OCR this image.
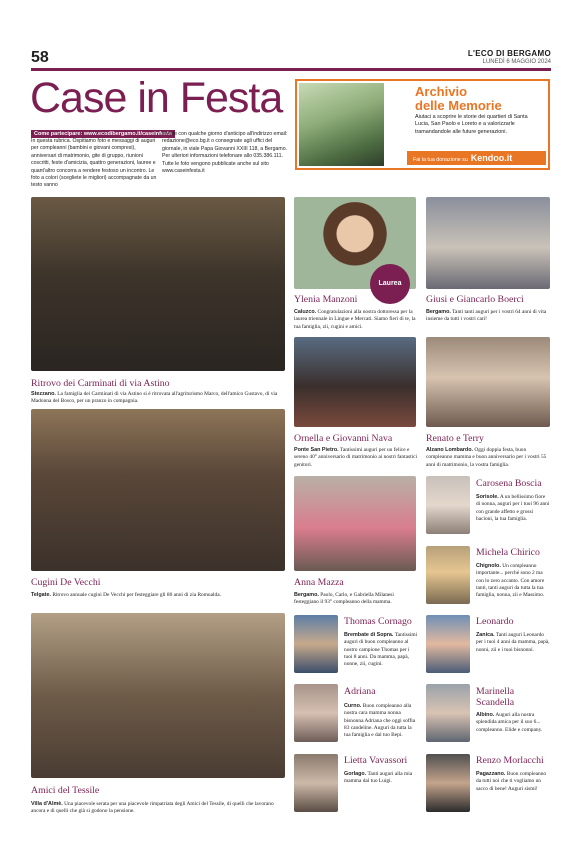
58	L'ECO DI BERGAMO
LUNEDÌ 6 MAGGIO 2024
Case in Festa
Come partecipare: www.ecodibergamo.it/caseinfesta
In questa rubrica. Ospitiamo foto e messaggi di auguri per compleanni (bambini e giovani compresi), anniversari di matrimonio, gite di gruppo, riunioni coscritti, feste d'amicizia, quattro generazioni, lauree e quant'altro concorra a rendere festoso un incontro. Le foto a colori (scegliete le migliori) accompagnate da un testo vanno
inviate con qualche giorno d'anticipo all'indirizzo email: redazione@eco.bg.it o consegnate agli uffici del giornale, in viale Papa Giovanni XXIII 118, a Bergamo. Per ulteriori informazioni telefonare allo 035.386.111. Tutte le foto vengono pubblicate anche sul sito www.caseinfesta.it
Archivio
delle Memorie
Aiutaci a scoprire le storie dei quartieri di Santa Lucia, San Paolo e Loreto e a valorizzarle tramandandole alle future generazioni.
Fai la tua donazione su Kendoo.it
Ritrovo dei Carminati di via Astino
Stezzano. La famiglia dei Carminati di via Astino si è ritrovata all'agriturismo Marco, dell'amico Gustavo, di via Madonna del Bosco, per un pranzo in compagnia.
Cugini De Vecchi
Telgate. Ritrovo annuale cugini De Vecchi per festeggiare gli 80 anni di zia Romualda.
Amici del Tessile
Villa d'Almè. Una piacevole serata per una piacevole rimpatriata degli Amici del Tessile, di quelli che lavorano ancora e di quelli che già si godono la pensione.
Laurea
Ylenia Manzoni
Caluzco. Congratulazioni alla nostra dottoressa per la laurea triennale in Lingue e Mercati. Siamo fieri di te, la tua famiglia, zii, cugini e amici.
Ornella e Giovanni Nava
Ponte San Pietro. Tantissimi auguri per un felice e sereno 40° anniversario di matrimonio ai nostri fantastici genitori.
Anna Mazza
Bergamo. Paolo, Carlo, e Gabriella Milanesi festeggiano il 93° compleanno della mamma.
Thomas Cornago
Brembate di Sopra. Tantissimi auguri di buon compleanno al nostro campione Thomas per i tuoi 8 anni. Da mamma, papà, nonne, zii, cugini.
Adriana
Curno. Buon compleanno alla nostra cara mamma nonna bisnonna Adriana che oggi soffia 83 candeline. Auguri da tutta la tua famiglia e dal tuo Bepi.
Lietta Vavassori
Gorlago. Tanti auguri alla mia mamma dal tuo Luigi.
Giusi e Giancarlo Boerci
Bergamo. Tanti tanti auguri per i vostri 64 anni di vita insieme da tutti i vostri cari!
Renato e Terry
Alzano Lombardo. Oggi doppia festa, buon compleanno mamma e buon anniversario per i vostri 55 anni di matrimonio, la vostra famiglia.
Carosena Boscia
Sorisole. A un bellissimo fiore di nonna, auguri per i tuoi 96 anni con grande affetto e grossi bacioni, la tua famiglia.
Michela Chirico
Chignolo. Un compleanno importante... perché sono 2 ma con lo zero accanto. Con amore tanti, tanti auguri da tutta la tua famiglia, nonna, zii e Massimo.
Leonardo
Zanica. Tanti auguri Leonardo per i tuoi 4 anni da mamma, papà, nonni, zii e i tuoi bisnonni.
Marinella Scandella
Albino. Auguri alla nostra splendida amica per il suo 6... compleanno. Elide e company.
Renzo Morlacchi
Pagazzano. Buon compleanno da tutti noi che ti vogliamo un sacco di bene! Auguri sismi!
